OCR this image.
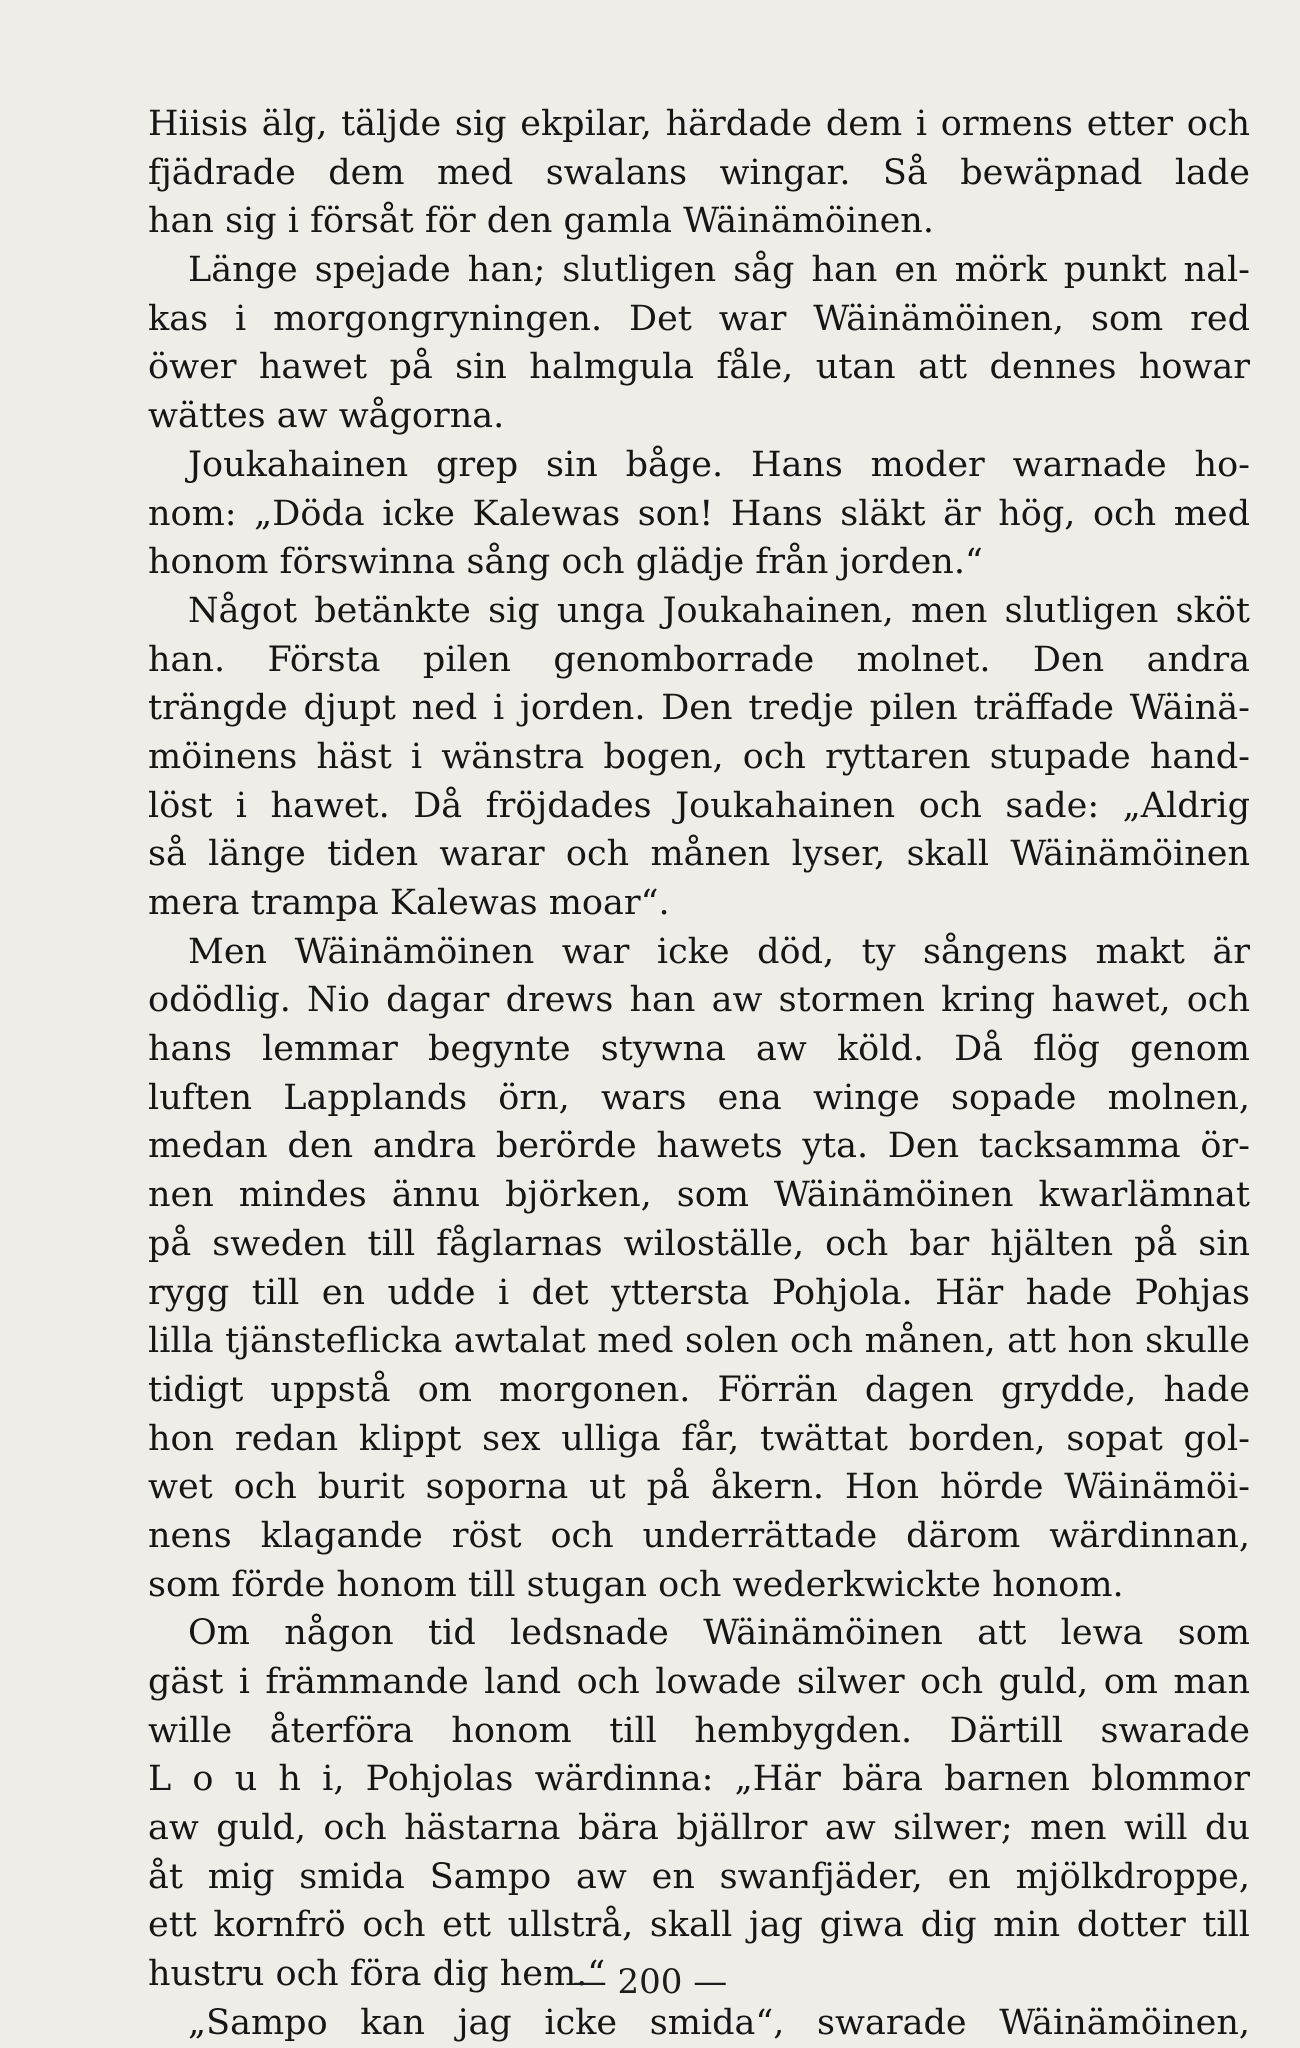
Hiisis älg, täljde sig ekpilar, härdade dem i ormens etter och
fjädrade dem med swalans wingar. Så bewäpnad lade
han sig i försåt för den gamla Wäinämöinen.
Länge spejade han; slutligen såg han en mörk punkt nal-
kas i morgongryningen. Det war Wäinämöinen, som red
öwer hawet på sin halmgula fåle, utan att dennes howar
wättes aw wågorna.
Joukahainen grep sin båge. Hans moder warnade ho-
nom: „Döda icke Kalewas son! Hans släkt är hög, och med
honom förswinna sång och glädje från jorden.“
Något betänkte sig unga Joukahainen, men slutligen sköt
han. Första pilen genomborrade molnet. Den andra
trängde djupt ned i jorden. Den tredje pilen träffade Wäinä-
möinens häst i wänstra bogen, och ryttaren stupade hand-
löst i hawet. Då fröjdades Joukahainen och sade: „Aldrig
så länge tiden warar och månen lyser, skall Wäinämöinen
mera trampa Kalewas moar“.
Men Wäinämöinen war icke död, ty sångens makt är
odödlig. Nio dagar drews han aw stormen kring hawet, och
hans lemmar begynte stywna aw köld. Då flög genom
luften Lapplands örn, wars ena winge sopade molnen,
medan den andra berörde hawets yta. Den tacksamma ör-
nen mindes ännu björken, som Wäinämöinen kwarlämnat
på sweden till fåglarnas wiloställe, och bar hjälten på sin
rygg till en udde i det yttersta Pohjola. Här hade Pohjas
lilla tjänsteflicka awtalat med solen och månen, att hon skulle
tidigt uppstå om morgonen. Förrän dagen grydde, hade
hon redan klippt sex ulliga får, twättat borden, sopat gol-
wet och burit soporna ut på åkern. Hon hörde Wäinämöi-
nens klagande röst och underrättade därom wärdinnan,
som förde honom till stugan och wederkwickte honom.
Om någon tid ledsnade Wäinämöinen att lewa som
gäst i främmande land och lowade silwer och guld, om man
wille återföra honom till hembygden. Därtill swarade
L o u h i, Pohjolas wärdinna: „Här bära barnen blommor
aw guld, och hästarna bära bjällror aw silwer; men will du
åt mig smida Sampo aw en swanfjäder, en mjölkdroppe,
ett kornfrö och ett ullstrå, skall jag giwa dig min dotter till
hustru och föra dig hem.“
„Sampo kan jag icke smida“, swarade Wäinämöinen,
— 200 —
